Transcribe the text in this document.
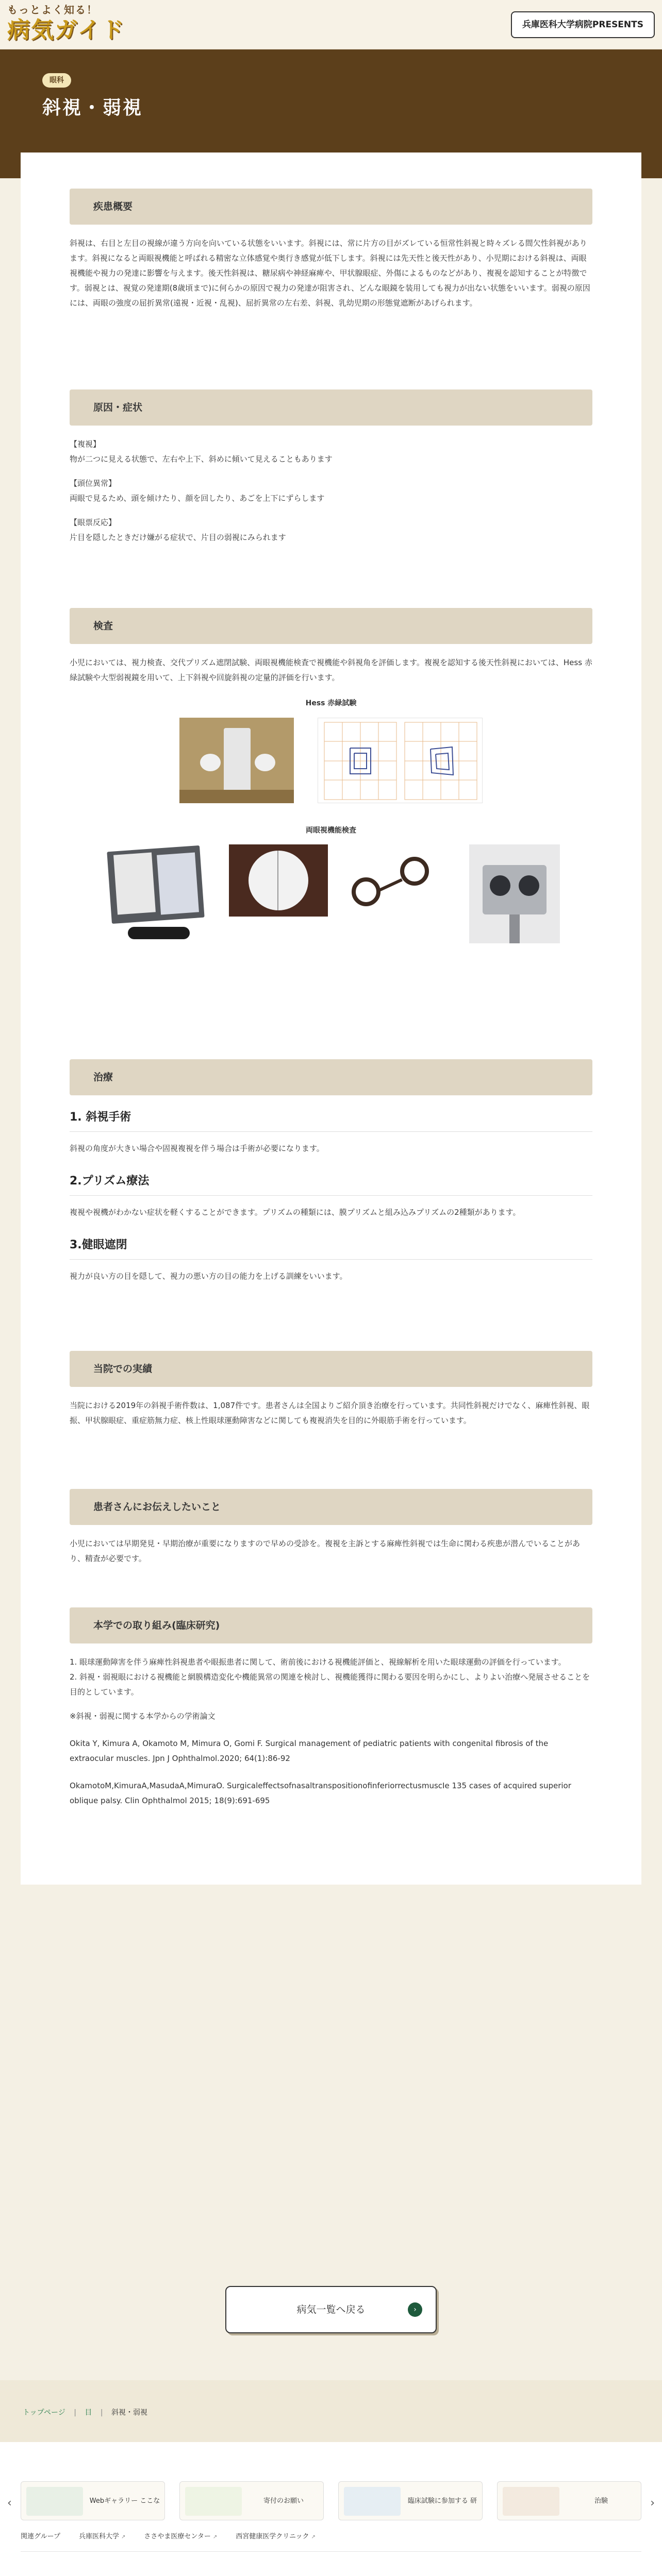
もっとよく知る！
病気ガイド	兵庫医科大学病院PRESENTS
眼科
斜視・弱視
疾患概要

斜視は、右目と左目の視線が違う方向を向いている状態をいいます。斜視には、常に片方の目がズレている恒常性斜視と時々ズレる間欠性斜視があります。斜視になると両眼視機能と呼ばれる精密な立体感覚や奥行き感覚が低下します。斜視には先天性と後天性があり、小児期における斜視は、両眼視機能や視力の発達に影響を与えます。後天性斜視は、糖尿病や神経麻痺や、甲状腺眼症、外傷によるものなどがあり、複視を認知することが特徴です。弱視とは、視覚の発達期(8歳頃まで)に何らかの原因で視力の発達が阻害され、どんな眼鏡を装用しても視力が出ない状態をいいます。弱視の原因には、両眼の強度の屈折異常(遠視・近視・乱視)、屈折異常の左右差、斜視、乳幼児期の形態覚遮断があげられます。

原因・症状

【複視】

物が二つに見える状態で、左右や上下、斜めに傾いて見えることもあります

【頭位異常】

両眼で見るため、頭を傾けたり、顔を回したり、あごを上下にずらします

【眼票反応】

片目を隠したときだけ嫌がる症状で、片目の弱視にみられます

検査

小児においては、視力検査、交代プリズム遮閉試験、両眼視機能検査で視機能や斜視角を評価します。複視を認知する後天性斜視においては、Hess 赤緑試験や大型弱視鏡を用いて、上下斜視や回旋斜視の定量的評価を行います。

Hess 赤緑試験
両眼視機能検査
治療
1. 斜視手術

斜視の角度が大きい場合や固視複視を伴う場合は手術が必要になります。

2.プリズム療法

複視や視機がわかない症状を軽くすることができます。プリズムの種類には、膜プリズムと組み込みプリズムの2種類があります。

3.健眼遮閉

視力が良い方の目を隠して、視力の悪い方の目の能力を上げる訓練をいいます。

当院での実績

当院における2019年の斜視手術件数は、1,087件です。患者さんは全国よりご紹介頂き治療を行っています。共同性斜視だけでなく、麻痺性斜視、眼振、甲状腺眼症、重症筋無力症、核上性眼球運動障害などに関しても複視消失を目的に外眼筋手術を行っています。

患者さんにお伝えしたいこと

小児においては早期発見・早期治療が重要になりますので早めの受診を。複視を主訴とする麻痺性斜視では生命に関わる疾患が潜んでいることがあり、精査が必要です。

本学での取り組み(臨床研究)

1. 眼球運動障害を伴う麻痺性斜視患者や眼振患者に関して、術前後における視機能評価と、視線解析を用いた眼球運動の評価を行っています。

2. 斜視・弱視眼における視機能と網膜構造変化や機能異常の関連を検討し、視機能獲得に関わる要因を明らかにし、よりよい治療へ発展させることを目的としています。

※斜視・弱視に関する本学からの学術論文

Okita Y, Kimura A, Okamoto M, Mimura O, Gomi F. Surgical management of pediatric patients with congenital fibrosis of the extraocular muscles. Jpn J Ophthalmol.2020; 64(1):86-92

OkamotoM,KimuraA,MasudaA,MimuraO. SurgicaleffectsofnasaltranspositionofinferiorrectusmuscIe 135 cases of acquired superior oblique palsy. Clin Ophthalmol 2015; 18(9):691-695

病気一覧へ戻る	›
トップページ | 目 | 斜視・弱視
‹	Webギャラリー ここな	寄付のお願い	臨床試験に参加する 研	治験	›
関連グループ	兵庫医科大学 ↗	ささやま医療センター ↗	西宮健康医学クリニック ↗
